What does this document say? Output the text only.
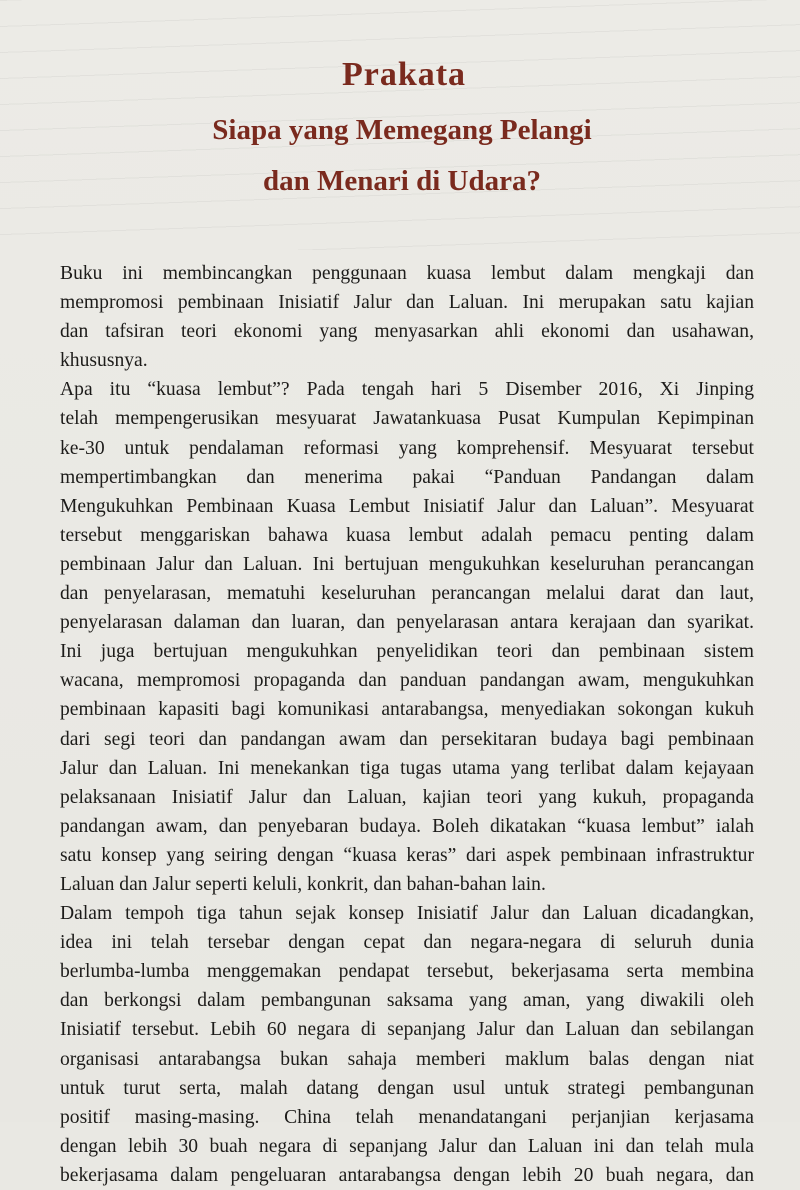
Prakata
Siapa yang Memegang Pelangi
dan Menari di Udara?

Buku ini membincangkan penggunaan kuasa lembut dalam mengkaji dan
mempromosi pembinaan Inisiatif Jalur dan Laluan. Ini merupakan satu kajian
dan tafsiran teori ekonomi yang menyasarkan ahli ekonomi dan usahawan,
khususnya.

Apa itu “kuasa lembut”? Pada tengah hari 5 Disember 2016, Xi Jinping
telah mempengerusikan mesyuarat Jawatankuasa Pusat Kumpulan Kepimpinan
ke-30 untuk pendalaman reformasi yang komprehensif. Mesyuarat tersebut
mempertimbangkan dan menerima pakai “Panduan Pandangan dalam
Mengukuhkan Pembinaan Kuasa Lembut Inisiatif Jalur dan Laluan”. Mesyuarat
tersebut menggariskan bahawa kuasa lembut adalah pemacu penting dalam
pembinaan Jalur dan Laluan. Ini bertujuan mengukuhkan keseluruhan perancangan
dan penyelarasan, mematuhi keseluruhan perancangan melalui darat dan laut,
penyelarasan dalaman dan luaran, dan penyelarasan antara kerajaan dan syarikat.
Ini juga bertujuan mengukuhkan penyelidikan teori dan pembinaan sistem
wacana, mempromosi propaganda dan panduan pandangan awam, mengukuhkan
pembinaan kapasiti bagi komunikasi antarabangsa, menyediakan sokongan kukuh
dari segi teori dan pandangan awam dan persekitaran budaya bagi pembinaan
Jalur dan Laluan. Ini menekankan tiga tugas utama yang terlibat dalam kejayaan
pelaksanaan Inisiatif Jalur dan Laluan, kajian teori yang kukuh, propaganda
pandangan awam, dan penyebaran budaya. Boleh dikatakan “kuasa lembut” ialah
satu konsep yang seiring dengan “kuasa keras” dari aspek pembinaan infrastruktur
Laluan dan Jalur seperti keluli, konkrit, dan bahan-bahan lain.

Dalam tempoh tiga tahun sejak konsep Inisiatif Jalur dan Laluan dicadangkan,
idea ini telah tersebar dengan cepat dan negara-negara di seluruh dunia
berlumba-lumba menggemakan pendapat tersebut, bekerjasama serta membina
dan berkongsi dalam pembangunan saksama yang aman, yang diwakili oleh
Inisiatif tersebut. Lebih 60 negara di sepanjang Jalur dan Laluan dan sebilangan
organisasi antarabangsa bukan sahaja memberi maklum balas dengan niat
untuk turut serta, malah datang dengan usul untuk strategi pembangunan
positif masing-masing. China telah menandatangani perjanjian kerjasama
dengan lebih 30 buah negara di sepanjang Jalur dan Laluan ini dan telah mula
bekerjasama dalam pengeluaran antarabangsa dengan lebih 20 buah negara, dan
